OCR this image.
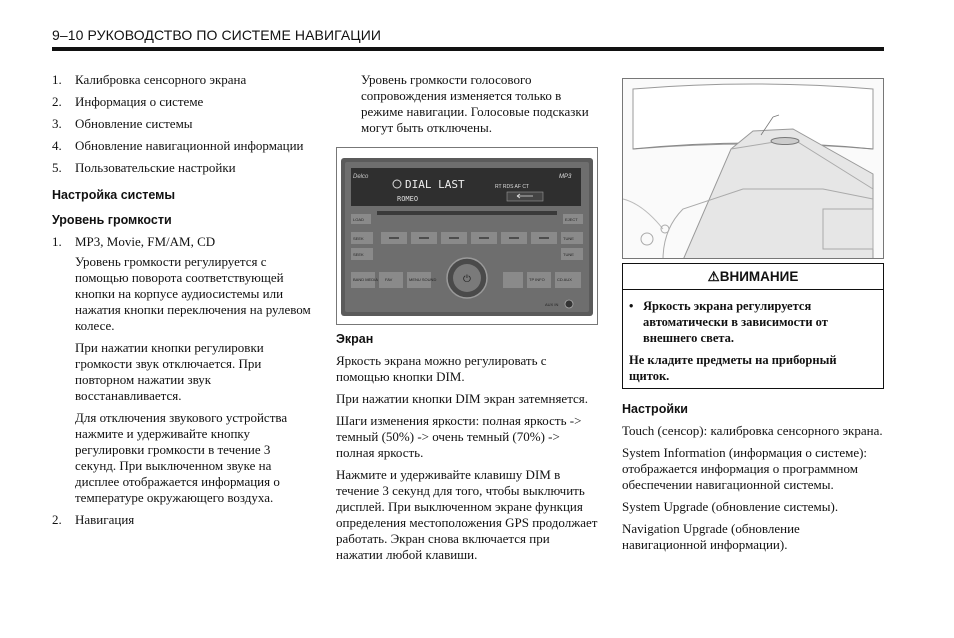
9–10 РУКОВОДСТВО ПО СИСТЕМЕ НАВИГАЦИИ
1.	Калибровка сенсорного экрана
2.	Информация о системе
3.	Обновление системы
4.	Обновление навигационной информации
5.	Пользовательские настройки
Настройка системы
Уровень громкости
1.	MP3, Movie, FM/AM, CD

Уровень громкости регулируется с помощью поворота соответствующей кнопки на корпусе аудиосистемы или нажатия кнопки переключения на рулевом колесе.

При нажатии кнопки регулировки громкости звук отключается. При повторном нажатии звук восстанавливается.

Для отключения звукового устройства нажмите и удерживайте кнопку регулировки громкости в течение 3 секунд. При выключенном звуке на дисплее отображается информация о температуре окружающего воздуха.

2.	Навигация

Уровень громкости голосового сопровождения изменяется только в режиме навигации. Голосовые подсказки могут быть отключены.

Delco
DIAL LAST
ROMEO
RT RDS AF CT
MP3
LOAD	EJECT
SEEK
SEEK
TUNE
TUNE
BAND MEDIA FAV	MENU SOUND	⏻	TP INFO	CD AUX
AUX IN
Экран

Яркость экрана можно регулировать с помощью кнопки DIM.

При нажатии кнопки DIM экран затемняется.

Шаги изменения яркости: полная яркость -> темный (50%) -> очень темный (70%) -> полная яркость.

Нажмите и удерживайте клавишу DIM в течение 3 секунд для того, чтобы выключить дисплей. При выключенном экране функция определения местоположения GPS продолжает работать. Экран снова включается при нажатии любой клавиши.

⚠ВНИМАНИЕ
• Яркость экрана регулируется автоматически в зависимости от внешнего света.
Не кладите предметы на приборный щиток.
Настройки

Touch (сенсор): калибровка сенсорного экрана.

System Information (информация о системе): отображается информация о программном обеспечении навигационной системы.

System Upgrade (обновление системы).

Navigation Upgrade (обновление навигационной информации).
